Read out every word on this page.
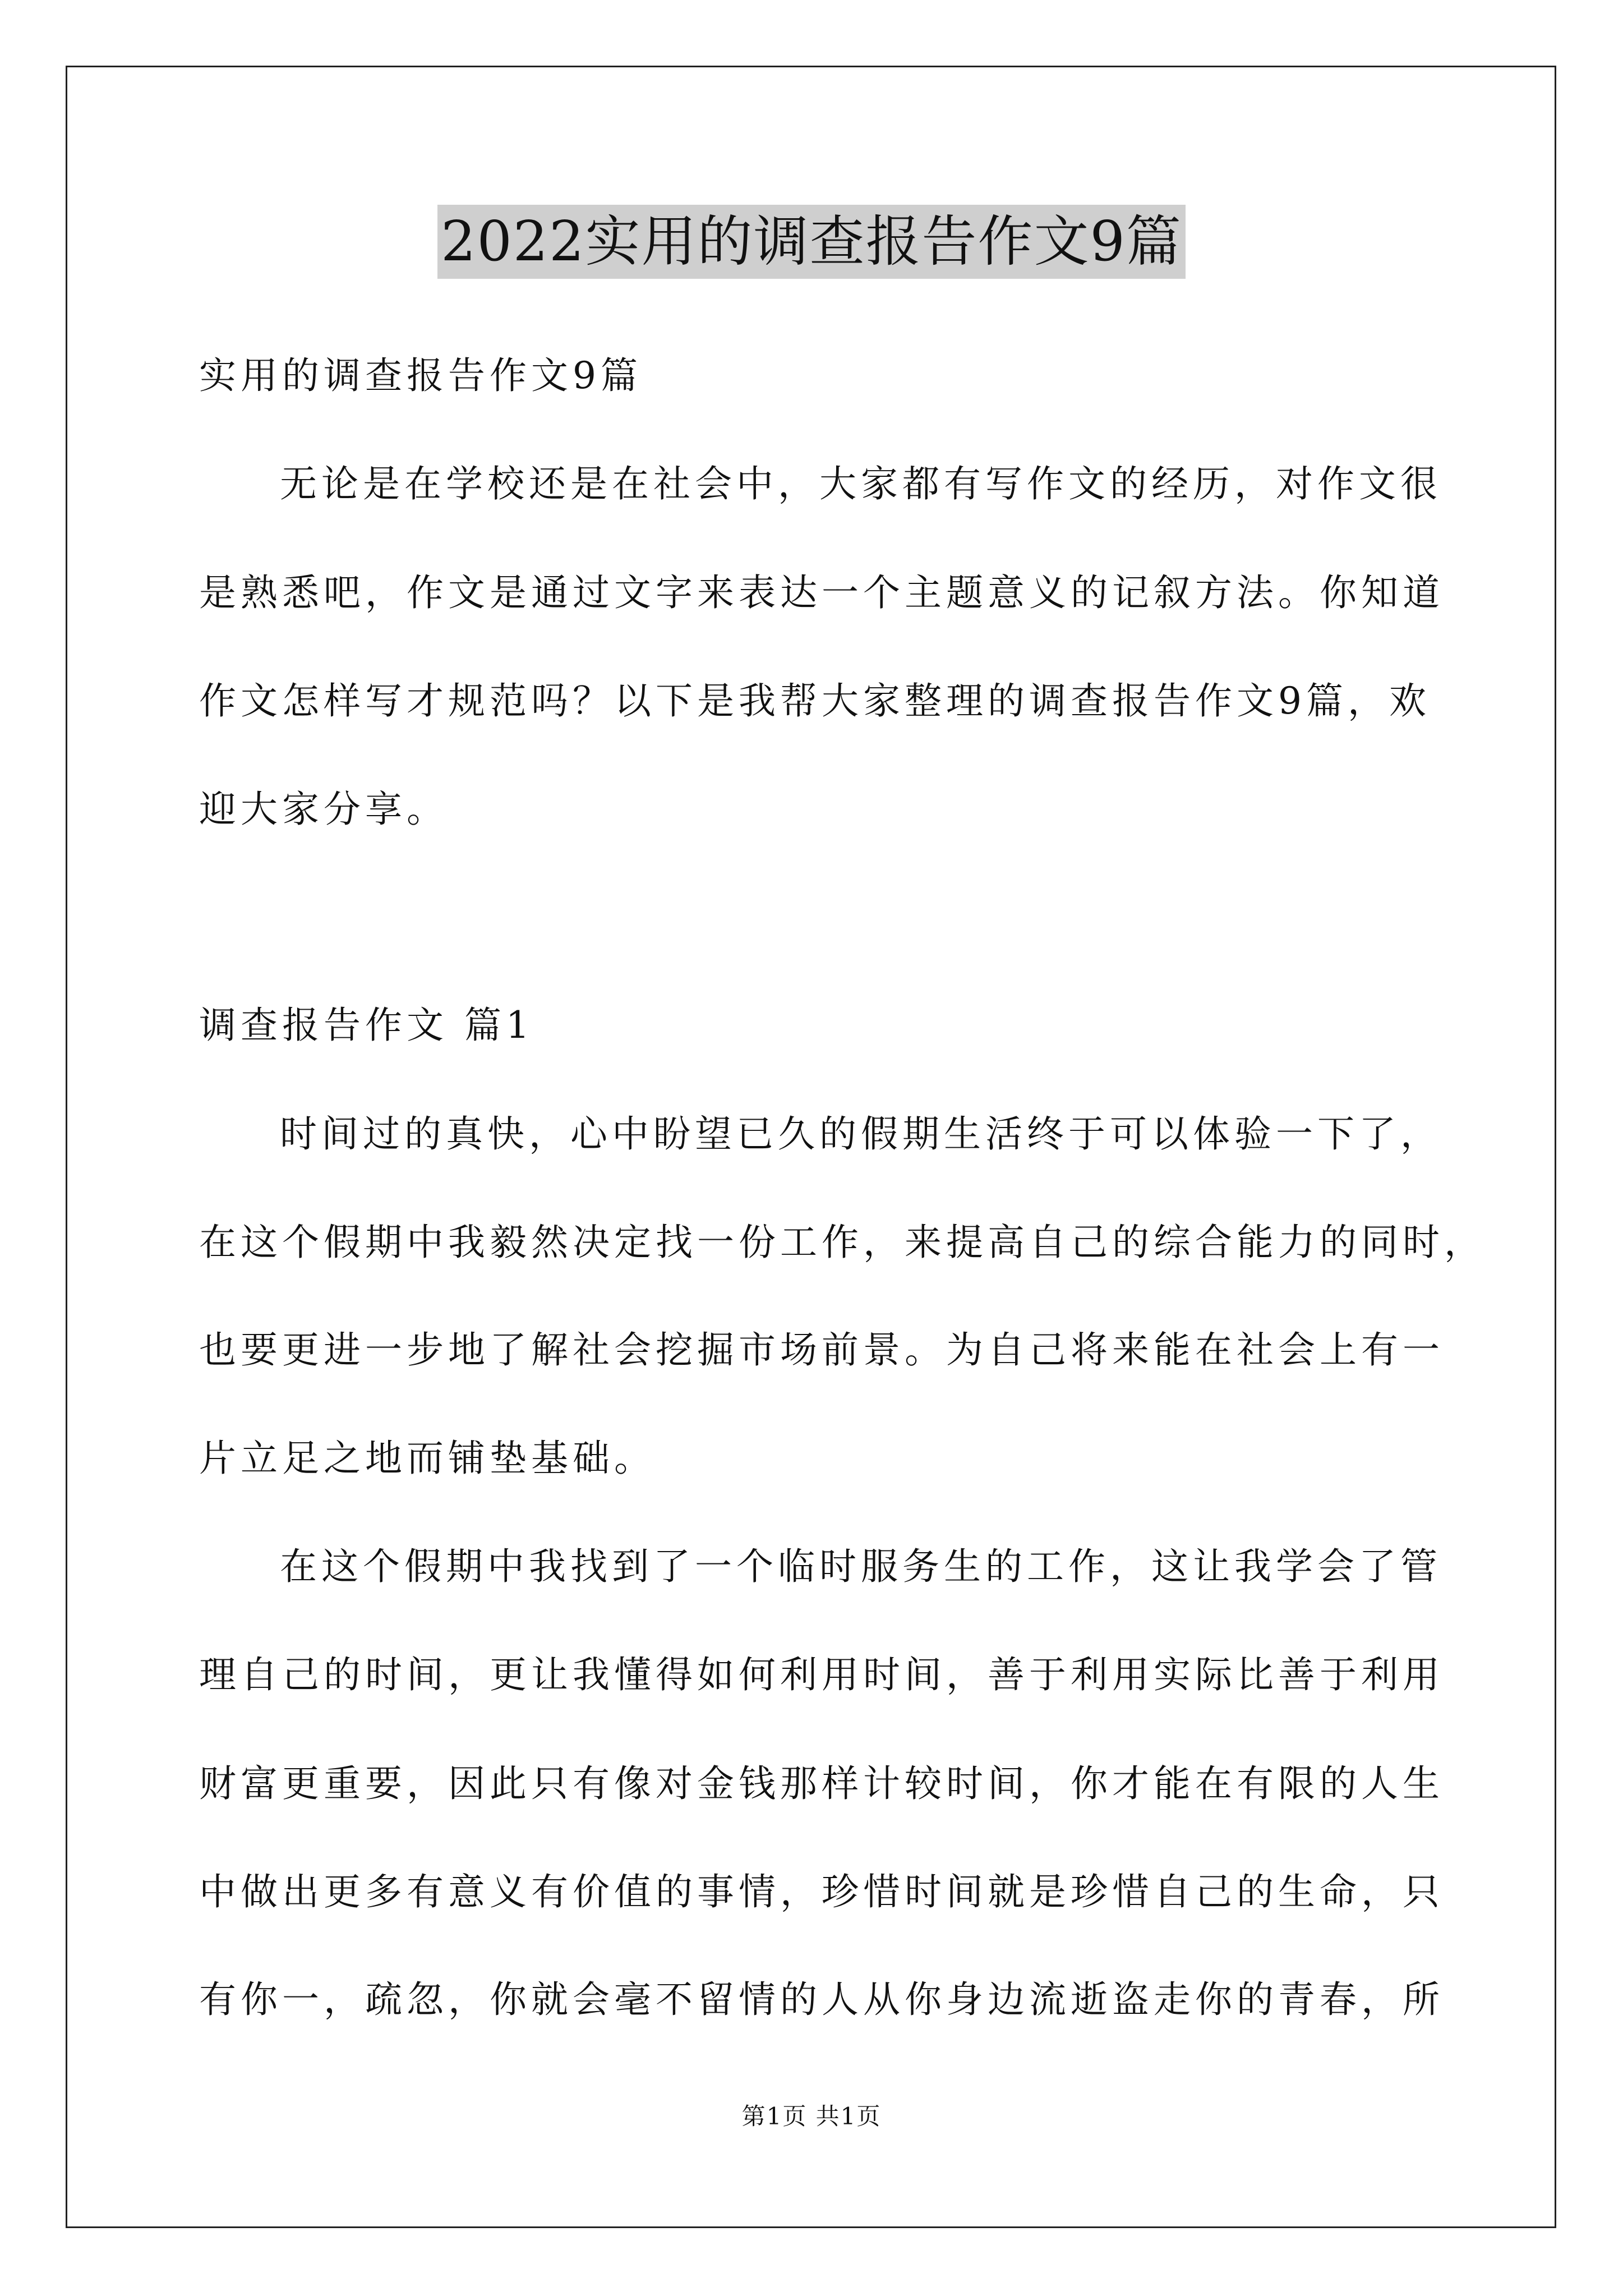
2022实用的调查报告作文9篇
实用的调查报告作文9篇
无论是在学校还是在社会中，大家都有写作文的经历，对作文很
是熟悉吧，作文是通过文字来表达一个主题意义的记叙方法。你知道
作文怎样写才规范吗？以下是我帮大家整理的调查报告作文9篇，欢
迎大家分享。
调查报告作文 篇1
时间过的真快，心中盼望已久的假期生活终于可以体验一下了，
在这个假期中我毅然决定找一份工作，来提高自己的综合能力的同时，
也要更进一步地了解社会挖掘市场前景。为自己将来能在社会上有一
片立足之地而铺垫基础。
在这个假期中我找到了一个临时服务生的工作，这让我学会了管
理自己的时间，更让我懂得如何利用时间，善于利用实际比善于利用
财富更重要，因此只有像对金钱那样计较时间，你才能在有限的人生
中做出更多有意义有价值的事情，珍惜时间就是珍惜自己的生命，只
有你一，疏忽，你就会毫不留情的人从你身边流逝盗走你的青春，所
第1页 共1页
